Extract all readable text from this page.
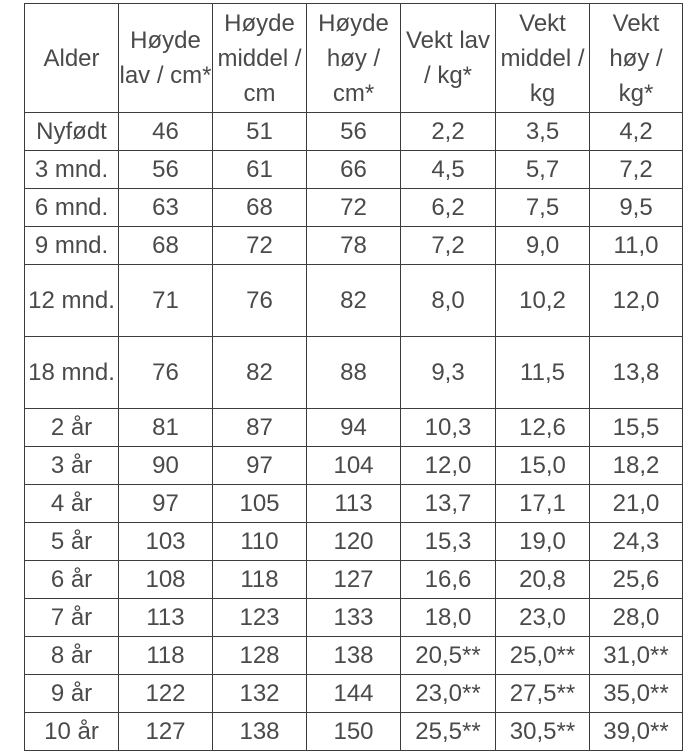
Alder	Høyde lav / cm*	Høyde middel / cm	Høyde høy / cm*	Vekt lav / kg*	Vekt middel / kg	Vekt høy / kg*
Nyfødt	46	51	56	2,2	3,5	4,2
3 mnd.	56	61	66	4,5	5,7	7,2
6 mnd.	63	68	72	6,2	7,5	9,5
9 mnd.	68	72	78	7,2	9,0	11,0
12 mnd.	71	76	82	8,0	10,2	12,0
18 mnd.	76	82	88	9,3	11,5	13,8
2 år	81	87	94	10,3	12,6	15,5
3 år	90	97	104	12,0	15,0	18,2
4 år	97	105	113	13,7	17,1	21,0
5 år	103	110	120	15,3	19,0	24,3
6 år	108	118	127	16,6	20,8	25,6
7 år	113	123	133	18,0	23,0	28,0
8 år	118	128	138	20,5**	25,0**	31,0**
9 år	122	132	144	23,0**	27,5**	35,0**
10 år	127	138	150	25,5**	30,5**	39,0**
